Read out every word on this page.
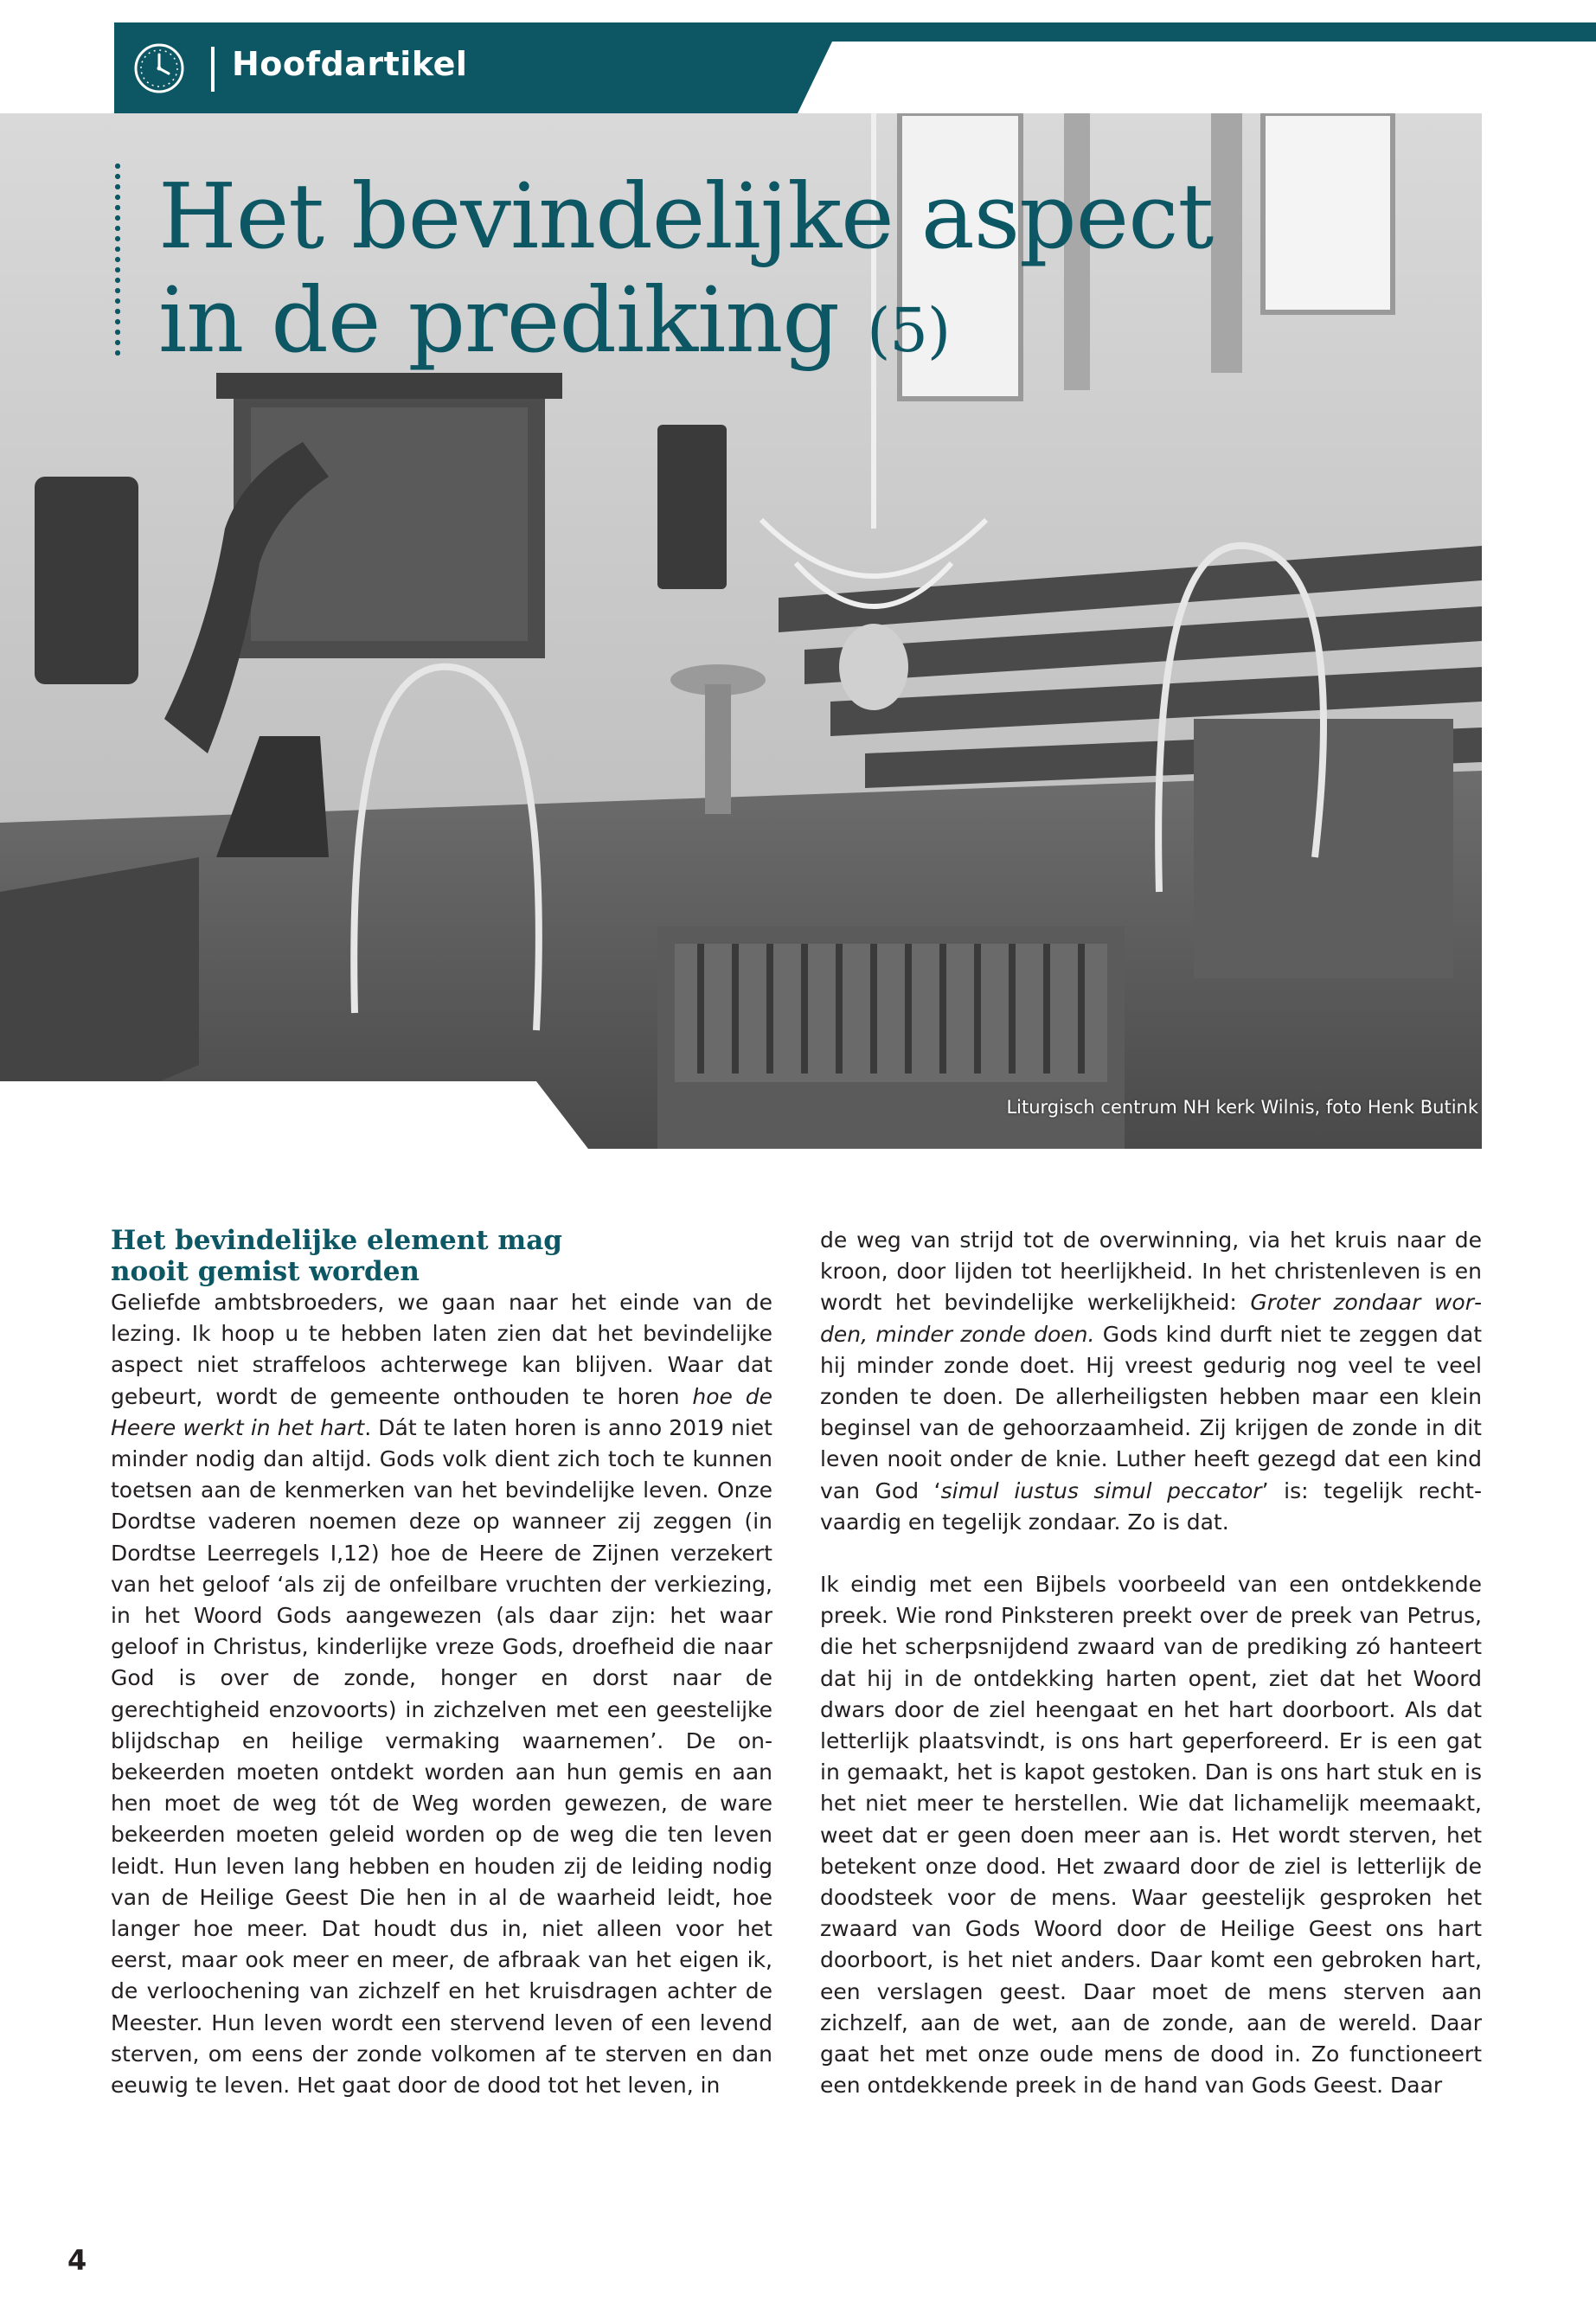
Hoofdartikel
Het bevindelijke aspect
in de prediking (5)
Liturgisch centrum NH kerk Wilnis, foto Henk Butink
Het bevindelijke element mag nooit gemist worden

Geliefde ambtsbroeders, we gaan naar het einde van de lezing. Ik hoop u te hebben laten zien dat het bevindelijke aspect niet straffeloos achterwege kan blijven. Waar dat gebeurt, wordt de gemeente onthouden te horen hoe de Heere werkt in het hart. Dát te laten horen is anno 2019 niet minder nodig dan altijd. Gods volk dient zich toch te kunnen toetsen aan de kenmerken van het bevindelijke leven. Onze Dordtse vaderen noemen deze op wanneer zij zeggen (in Dordtse Leerregels I,12) hoe de Heere de Zijnen verzekert van het geloof ‘als zij de onfeilbare vruchten der verkiezing, in het Woord Gods aangewezen (als daar zijn: het waar geloof in Christus, kinderlijke vreze Gods, droefheid die naar God is over de zonde, honger en dorst naar de gerechtigheid enzovoorts) in zichzelven met een geestelijke blijdschap en heilige vermaking waarnemen’. De onbekeerden moeten ontdekt worden aan hun gemis en aan hen moet de weg tót de Weg worden gewezen, de ware bekeerden moeten geleid worden op de weg die ten leven leidt. Hun leven lang hebben en houden zij de leiding nodig van de Heilige Geest Die hen in al de waarheid leidt, hoe langer hoe meer. Dat houdt dus in, niet alleen voor het eerst, maar ook meer en meer, de afbraak van het eigen ik, de verloochening van zichzelf en het kruisdragen achter de Meester. Hun leven wordt een stervend leven of een levend sterven, om eens der zonde volkomen af te sterven en dan eeuwig te leven. Het gaat door de dood tot het leven, in

de weg van strijd tot de overwinning, via het kruis naar de kroon, door lijden tot heerlijkheid. In het christenleven is en wordt het bevindelijke werkelijkheid: Groter zondaar worden, minder zonde doen. Gods kind durft niet te zeggen dat hij minder zonde doet. Hij vreest gedurig nog veel te veel zonden te doen. De allerheiligsten hebben maar een klein beginsel van de gehoorzaamheid. Zij krijgen de zonde in dit leven nooit onder de knie. Luther heeft gezegd dat een kind van God ‘simul iustus simul peccator’ is: tegelijk rechtvaardig en tegelijk zondaar. Zo is dat.

Ik eindig met een Bijbels voorbeeld van een ontdekkende preek. Wie rond Pinksteren preekt over de preek van Petrus, die het scherpsnijdend zwaard van de prediking zó hanteert dat hij in de ontdekking harten opent, ziet dat het Woord dwars door de ziel heengaat en het hart doorboort. Als dat letterlijk plaatsvindt, is ons hart geperforeerd. Er is een gat in gemaakt, het is kapot gestoken. Dan is ons hart stuk en is het niet meer te herstellen. Wie dat lichamelijk meemaakt, weet dat er geen doen meer aan is. Het wordt sterven, het betekent onze dood. Het zwaard door de ziel is letterlijk de doodsteek voor de mens. Waar geestelijk gesproken het zwaard van Gods Woord door de Heilige Geest ons hart doorboort, is het niet anders. Daar komt een gebroken hart, een verslagen geest. Daar moet de mens sterven aan zichzelf, aan de wet, aan de zonde, aan de wereld. Daar gaat het met onze oude mens de dood in. Zo functioneert een ontdekkende preek in de hand van Gods Geest. Daar

4
